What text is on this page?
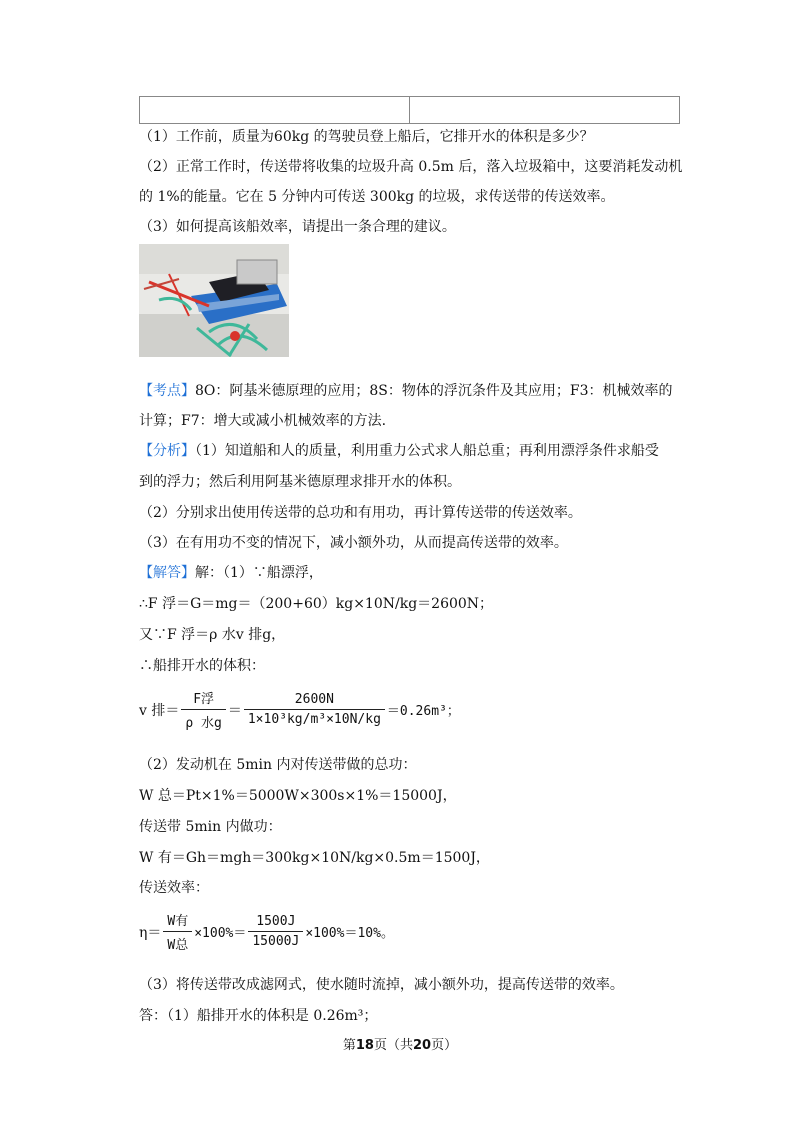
（1）工作前，质量为60kg 的驾驶员登上船后，它排开水的体积是多少？
（2）正常工作时，传送带将收集的垃圾升高 0.5m 后，落入垃圾箱中，这要消耗发动机
的 1%的能量。它在 5 分钟内可传送 300kg 的垃圾，求传送带的传送效率。
（3）如何提高该船效率，请提出一条合理的建议。
【考点】8O：阿基米德原理的应用；8S：物体的浮沉条件及其应用；F3：机械效率的
计算；F7：增大或减小机械效率的方法.
【分析】（1）知道船和人的质量，利用重力公式求人船总重；再利用漂浮条件求船受
到的浮力；然后利用阿基米德原理求排开水的体积。
（2）分别求出使用传送带的总功和有用功，再计算传送带的传送效率。
（3）在有用功不变的情况下，减小额外功，从而提高传送带的效率。
【解答】解：（1）∵船漂浮，
∴F 浮＝G＝mg＝（200+60）kg×10N/kg＝2600N；
又∵F 浮＝ρ 水v 排g，
∴船排开水的体积：
v 排＝ $\frac{\text{F浮}}{\text{ρ 水g}} = \frac{2600N}{\text{1×10³kg/m³×10N/kg}} =0.26m^3$；
（2）发动机在 5min 内对传送带做的总功：
W 总＝Pt×1%＝5000W×300s×1%＝15000J，
传送带 5min 内做功：
W 有＝Gh＝mgh＝300kg×10N/kg×0.5m＝1500J，
传送效率：
$\eta= \frac{\text{W有}}{\text{W总}} \times 100\%= \frac{1500J}{15000J} \times 100\%=10\%$。
（3）将传送带改成滤网式，使水随时流掉，减小额外功，提高传送带的效率。
答：（1）船排开水的体积是 0.26m³；
第18页（共20页）
